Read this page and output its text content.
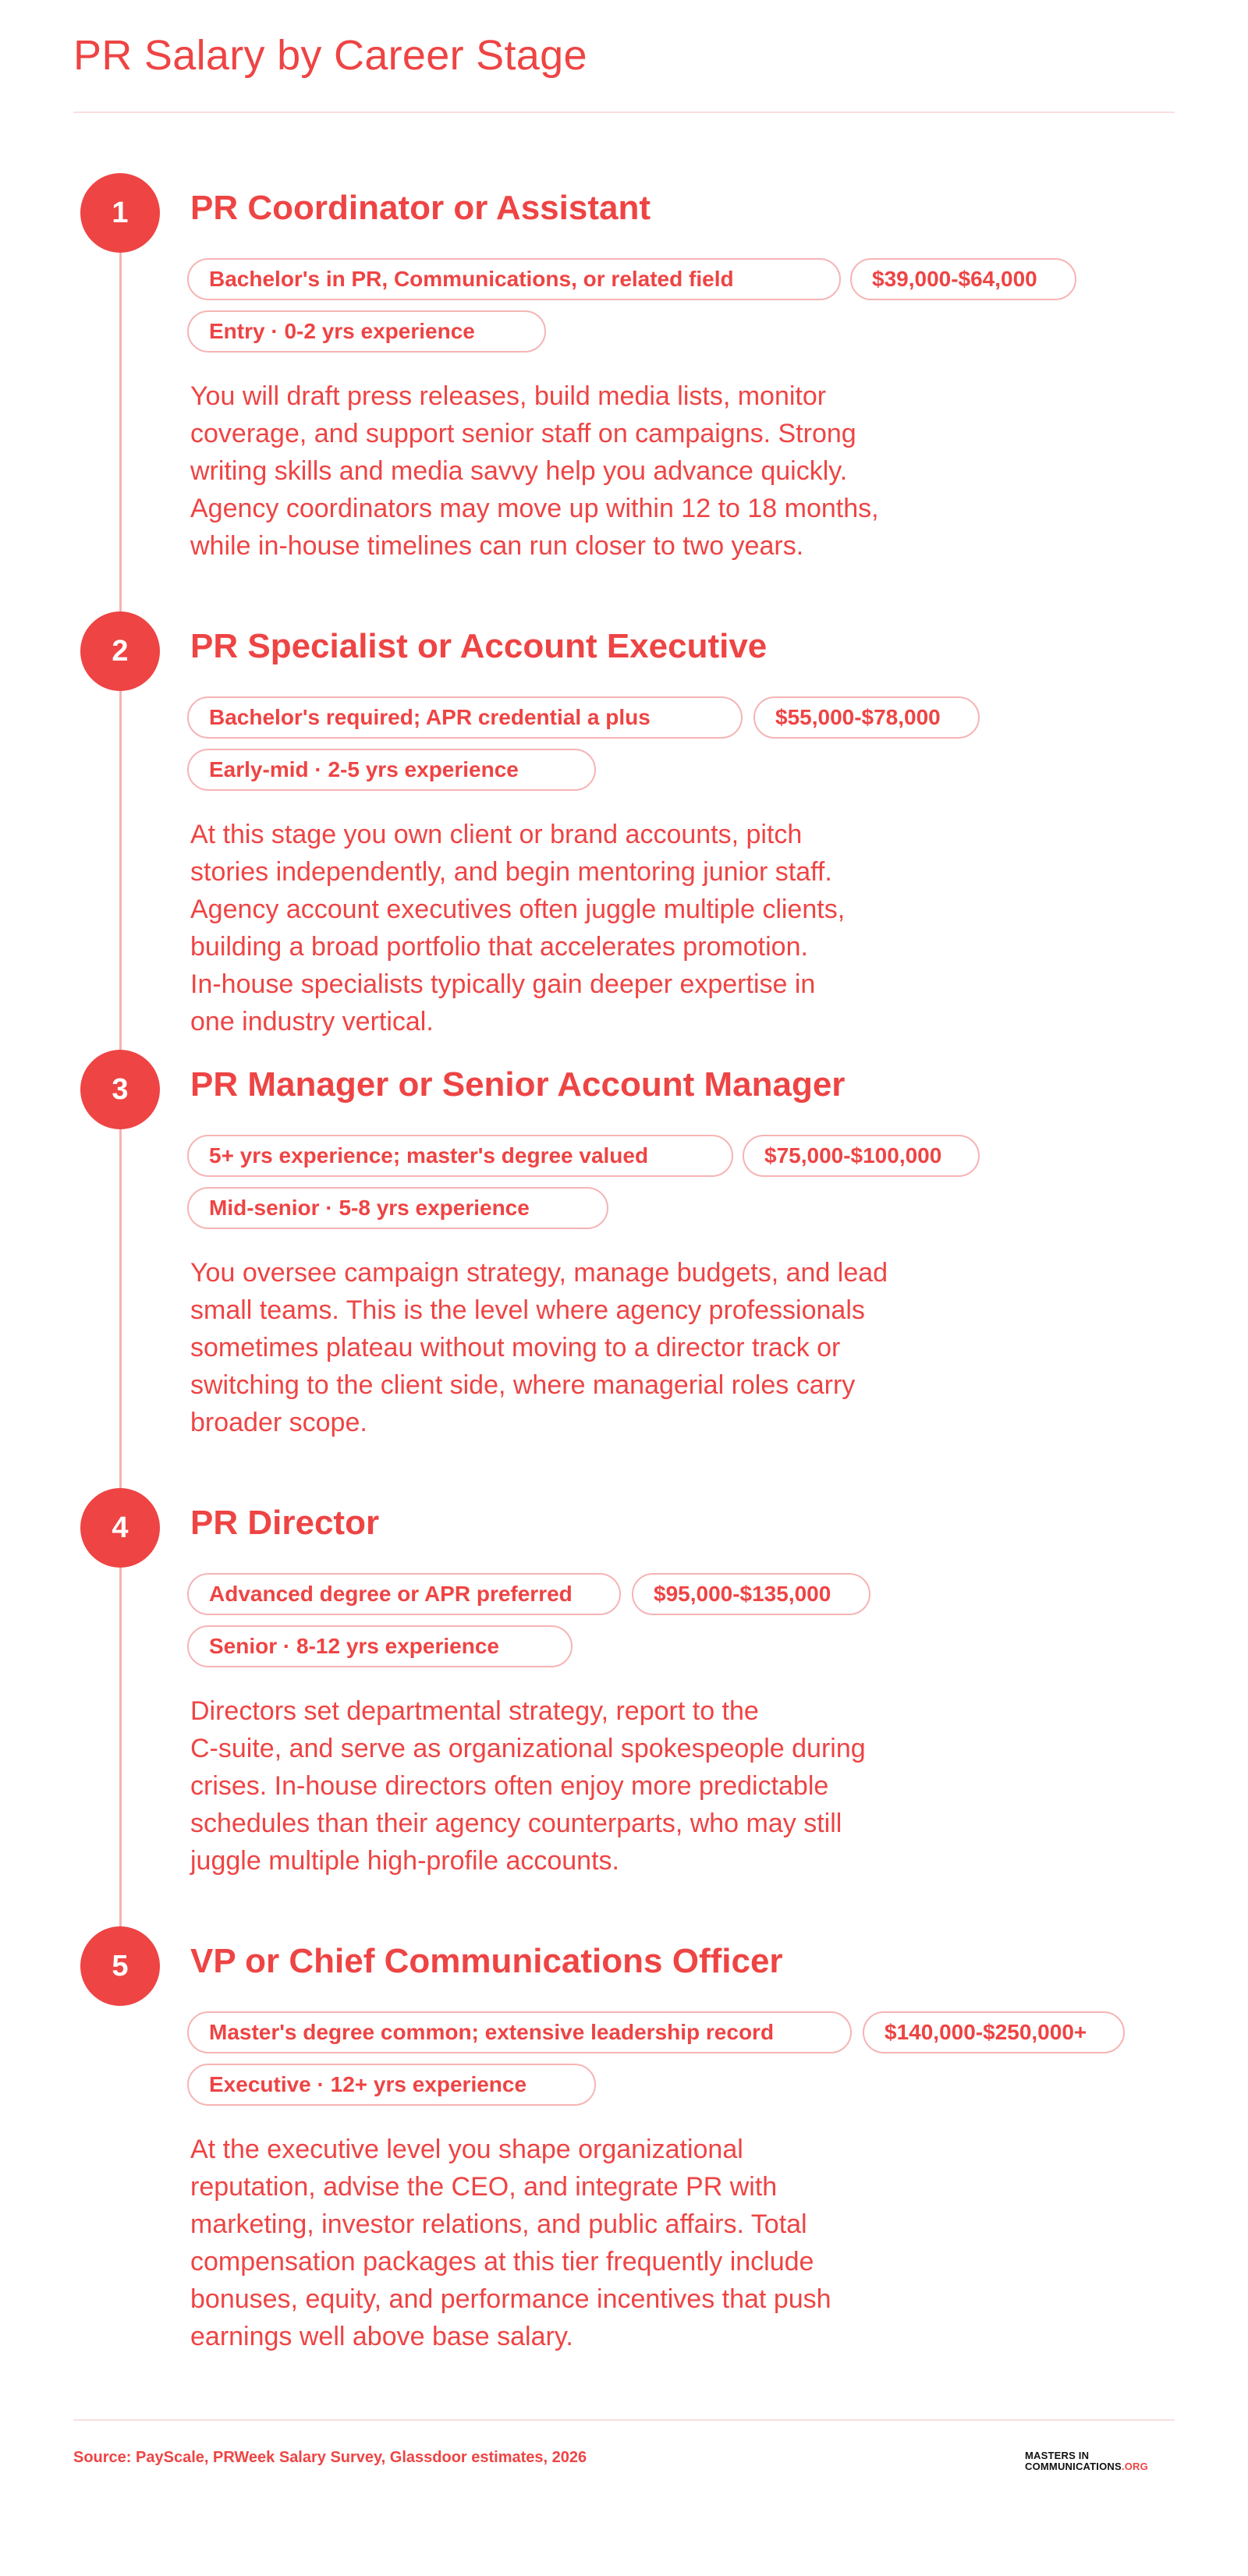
PR Salary by Career Stage
1	PR Coordinator or Assistant
Bachelor's in PR, Communications, or related field	$39,000-$64,000
Entry · 0-2 yrs experience
You will draft press releases, build media lists, monitor
coverage, and support senior staff on campaigns. Strong
writing skills and media savvy help you advance quickly.
Agency coordinators may move up within 12 to 18 months,
while in-house timelines can run closer to two years.
2	PR Specialist or Account Executive
Bachelor's required; APR credential a plus	$55,000-$78,000
Early-mid · 2-5 yrs experience
At this stage you own client or brand accounts, pitch
stories independently, and begin mentoring junior staff.
Agency account executives often juggle multiple clients,
building a broad portfolio that accelerates promotion.
In-house specialists typically gain deeper expertise in
one industry vertical.
3	PR Manager or Senior Account Manager
5+ yrs experience; master's degree valued	$75,000-$100,000
Mid-senior · 5-8 yrs experience
You oversee campaign strategy, manage budgets, and lead
small teams. This is the level where agency professionals
sometimes plateau without moving to a director track or
switching to the client side, where managerial roles carry
broader scope.
4	PR Director
Advanced degree or APR preferred	$95,000-$135,000
Senior · 8-12 yrs experience
Directors set departmental strategy, report to the
C-suite, and serve as organizational spokespeople during
crises. In-house directors often enjoy more predictable
schedules than their agency counterparts, who may still
juggle multiple high-profile accounts.
5	VP or Chief Communications Officer
Master's degree common; extensive leadership record	$140,000-$250,000+
Executive · 12+ yrs experience
At the executive level you shape organizational
reputation, advise the CEO, and integrate PR with
marketing, investor relations, and public affairs. Total
compensation packages at this tier frequently include
bonuses, equity, and performance incentives that push
earnings well above base salary.
Source: PayScale, PRWeek Salary Survey, Glassdoor estimates, 2026	MASTERS IN
COMMUNICATIONS.ORG
